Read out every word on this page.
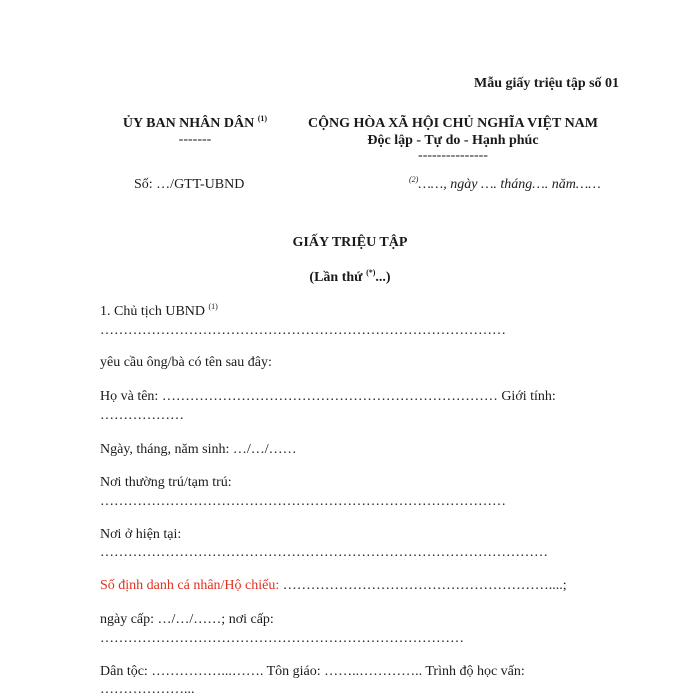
Mẫu giấy triệu tập số 01
ỦY BAN NHÂN DÂN $^{(1)}$
-------
Số: …/GTT-UBND
CỘNG HÒA XÃ HỘI CHỦ NGHĨA VIỆT NAM
Độc lập - Tự do - Hạnh phúc
---------------
$^{(2)}$……, ngày …. tháng…. năm……
GIẤY TRIỆU TẬP
(Lần thứ (*)...)
1. Chủ tịch UBND $^{(1)}$
……………………………………………………………………………
yêu cầu ông/bà có tên sau đây:
Họ và tên: ……………………………………………………………… Giới tính:
………………
Ngày, tháng, năm sinh: …/…/……
Nơi thường trú/tạm trú:
……………………………………………………………………………
Nơi ở hiện tại:
……………………………………………………………………………………
Số định danh cá nhân/Hộ chiếu: …………………………………………………....;
ngày cấp: …/…/……; nơi cấp:
……………………………………………………………………
Dân tộc: ……………...……. Tôn giáo: ……..………….. Trình độ học vấn:
………………...
